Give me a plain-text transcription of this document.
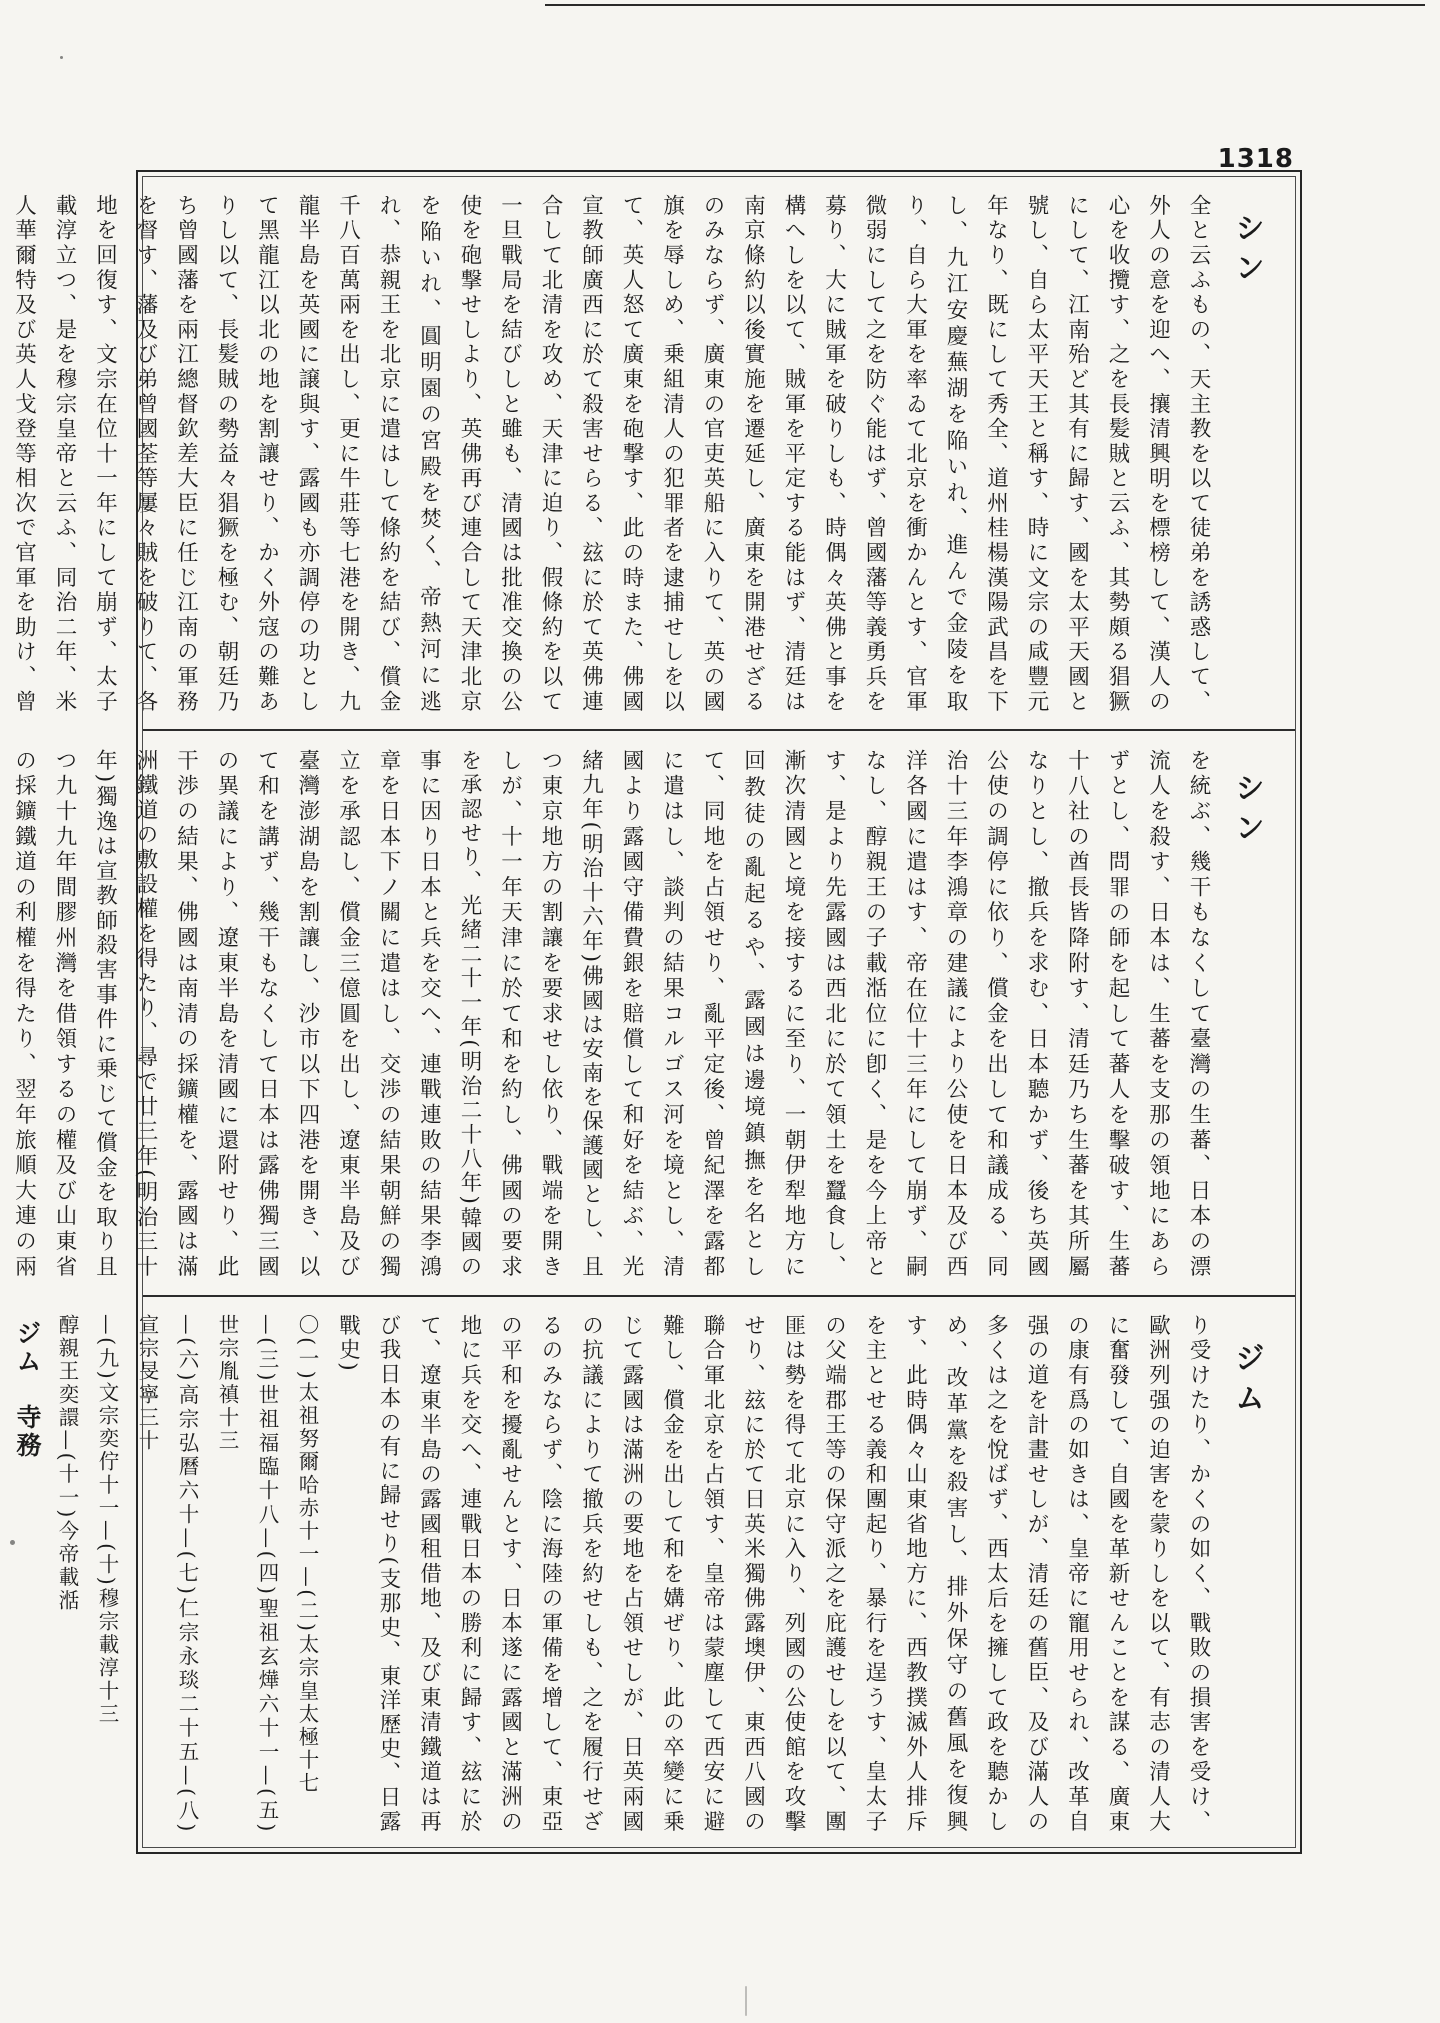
1318
全と云ふもの、天主教を以て徒弟を誘惑して、外人の意を迎へ、攘清興明を標榜して、漢人の心を收攬す、之を長髪賊と云ふ、其勢頗る猖獗にして、江南殆ど其有に歸す、國を太平天國と號し、自ら太平天王と稱す、時に文宗の咸豐元年なり、既にして秀全、道州桂楊漢陽武昌を下し、九江安慶蕪湖を陥いれ、進んで金陵を取り、自ら大軍を率ゐて北京を衝かんとす、官軍微弱にして之を防ぐ能はず、曾國藩等義勇兵を募り、大に賊軍を破りしも、時偶々英佛と事を構へしを以て、賊軍を平定する能はず、清廷は南京條約以後實施を遷延し、廣東を開港せざるのみならず、廣東の官吏英船に入りて、英の國旗を辱しめ、乗組清人の犯罪者を逮捕せしを以て、英人怒て廣東を砲撃す、此の時また、佛國宣教師廣西に於て殺害せらる、玆に於て英佛連合して北清を攻め、天津に迫り、假條約を以て一旦戰局を結びしと雖も、清國は批准交換の公使を砲撃せしより、英佛再び連合して天津北京を陥いれ、圓明園の宮殿を焚く、帝熱河に逃れ、恭親王を北京に遣はして條約を結び、償金千八百萬兩を出し、更に牛莊等七港を開き、九龍半島を英國に譲與す、露國も亦調停の功として黑龍江以北の地を割讓せり、かく外寇の難ありし以て、長髪賊の勢益々猖獗を極む、朝廷乃ち曾國藩を兩江總督欽差大臣に任じ江南の軍務を督す、藩及び弟曾國荃等屢々賊を破りて、各地を回復す、文宗在位十一年にして崩ず、太子載淳立つ、是を穆宗皇帝と云ふ、同治二年、米人華爾特及び英人戈登等相次で官軍を助け、曾
を統ぶ、幾干もなくして臺灣の生蕃、日本の漂流人を殺す、日本は、生蕃を支那の領地にあらずとし、問罪の師を起して蕃人を擊破す、生蕃十八社の酋長皆降附す、清廷乃ち生蕃を其所屬なりとし、撤兵を求む、日本聽かず、後ち英國公使の調停に依り、償金を出して和議成る、同治十三年李鴻章の建議により公使を日本及び西洋各國に遣はす、帝在位十三年にして崩ず、嗣なし、醇親王の子載湉位に卽く、是を今上帝とす、是より先露國は西北に於て領土を蠶食し、漸次清國と境を接するに至り、一朝伊犁地方に回教徒の亂起るや、露國は邊境鎮撫を名として、同地を占領せり、亂平定後、曾紀澤を露都に遣はし、談判の結果コルゴス河を境とし、清國より露國守備費銀を賠償して和好を結ぶ、光緒九年(明治十六年)佛國は安南を保護國とし、且つ東京地方の割讓を要求せし依り、戰端を開きしが、十一年天津に於て和を約し、佛國の要求を承認せり、光緒二十一年(明治二十八年)韓國の事に因り日本と兵を交へ、連戰連敗の結果李鴻章を日本下ノ關に遣はし、交渉の結果朝鮮の獨立を承認し、償金三億圓を出し、遼東半島及び臺灣澎湖島を割讓し、沙市以下四港を開き、以て和を講ず、幾干もなくして日本は露佛獨三國の異議により、遼東半島を清國に還附せり、此干渉の結果、佛國は南清の採鑛權を、露國は滿洲鐵道の敷設權を得たり、尋で廿三年(明治三十年)獨逸は宣教師殺害事件に乗じて償金を取り且つ九十九年間膠州灣を借領するの權及び山東省の採鑛鐵道の利權を得たり、翌年旅順大連の兩

り受けたり、かくの如く、戰敗の損害を受け、歐洲列强の迫害を蒙りしを以て、有志の清人大に奮發して、自國を革新せんことを謀る、廣東の康有爲の如きは、皇帝に寵用せられ、改革自强の道を計畫せしが、清廷の舊臣、及び滿人の多くは之を悅ばず、西太后を擁して政を聽かしめ、改革黨を殺害し、排外保守の舊風を復興す、此時偶々山東省地方に、西教撲滅外人排斥を主とせる義和團起り、暴行を逞うす、皇太子の父端郡王等の保守派之を庇護せしを以て、團匪は勢を得て北京に入り、列國の公使館を攻擊せり、玆に於て日英米獨佛露墺伊、東西八國の聯合軍北京を占領す、皇帝は蒙塵して西安に避難し、償金を出して和を媾ぜり、此の卒變に乗じて露國は滿洲の要地を占領せしが、日英兩國の抗議によりて撤兵を約せしも、之を履行せざるのみならず、陰に海陸の軍備を增して、東亞の平和を擾亂せんとす、日本遂に露國と滿洲の地に兵を交へ、連戰日本の勝利に歸す、玆に於て、遼東半島の露國租借地、及び東清鐵道は再び我日本の有に歸せり(支那史、東洋歷史、日露戰史)

〇(一)太祖努爾哈赤十一—(二)太宗皇太極十七

—(三)世祖福臨十八—(四)聖祖玄燁六十一—(五)世宗胤禛十三

—(六)高宗弘曆六十—(七)仁宗永琰二十五—(八)宣宗旻寧三十

—(九)文宗奕佇十一—(十)穆宗載淳十三

醇親王奕譞—(十一)今帝載湉

ジム　寺務

シン
シン
ジム
